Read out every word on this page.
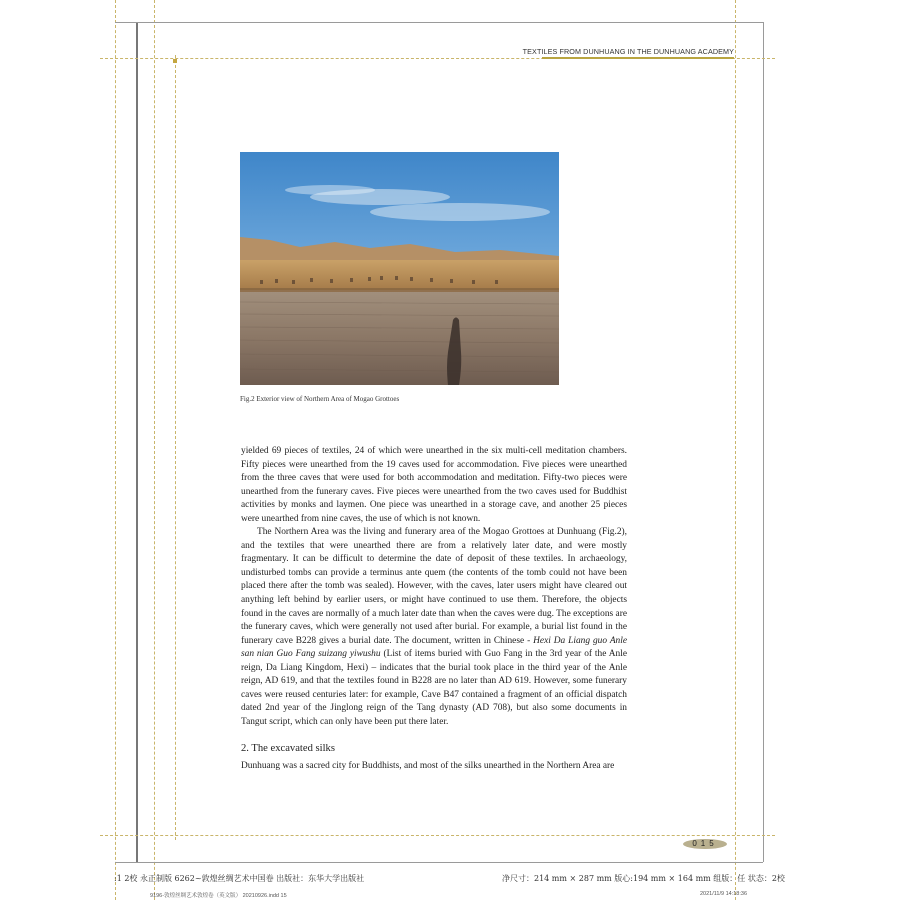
TEXTILES FROM DUNHUANG IN THE DUNHUANG ACADEMY
Fig.2 Exterior view of Northern Area of Mogao Grottoes

yielded 69 pieces of textiles, 24 of which were unearthed in the six multi-cell meditation chambers. Fifty pieces were unearthed from the 19 caves used for accommodation. Five pieces were unearthed from the three caves that were used for both accommodation and meditation. Fifty-two pieces were unearthed from the funerary caves. Five pieces were unearthed from the two caves used for Buddhist activities by monks and laymen. One piece was unearthed in a storage cave, and another 25 pieces were unearthed from nine caves, the use of which is not known.

The Northern Area was the living and funerary area of the Mogao Grottoes at Dunhuang (Fig.2), and the textiles that were unearthed there are from a relatively later date, and were mostly fragmentary. It can be difficult to determine the date of deposit of these textiles. In archaeology, undisturbed tombs can provide a terminus ante quem (the contents of the tomb could not have been placed there after the tomb was sealed). However, with the caves, later users might have cleared out anything left behind by earlier users, or might have continued to use them. Therefore, the objects found in the caves are normally of a much later date than when the caves were dug. The exceptions are the funerary caves, which were generally not used after burial. For example, a burial list found in the funerary cave B228 gives a burial date. The document, written in Chinese - Hexi Da Liang guo Anle san nian Guo Fang suizang yiwushu (List of items buried with Guo Fang in the 3rd year of the Anle reign, Da Liang Kingdom, Hexi) – indicates that the burial took place in the third year of the Anle reign, AD 619, and that the textiles found in B228 are no later than AD 619. However, some funerary caves were reused centuries later: for example, Cave B47 contained a fragment of an official dispatch dated 2nd year of the Jinglong reign of the Tang dynasty (AD 708), but also some documents in Tangut script, which can only have been put there later.

2. The excavated silks

Dunhuang was a sacred city for Buddhists, and most of the silks unearthed in the Northern Area are

015
:1 2校 永正制版 6262~敦煌丝绸艺术中国卷 出版社：东华大学出版社	净尺寸：214 mm × 287 mm 版心:194 mm × 164 mm 组版：任 状态：2校
9196-敦煌丝绸艺术敦煌卷（英文版） 20210926.indd 15	2021/11/9 14:18:36
